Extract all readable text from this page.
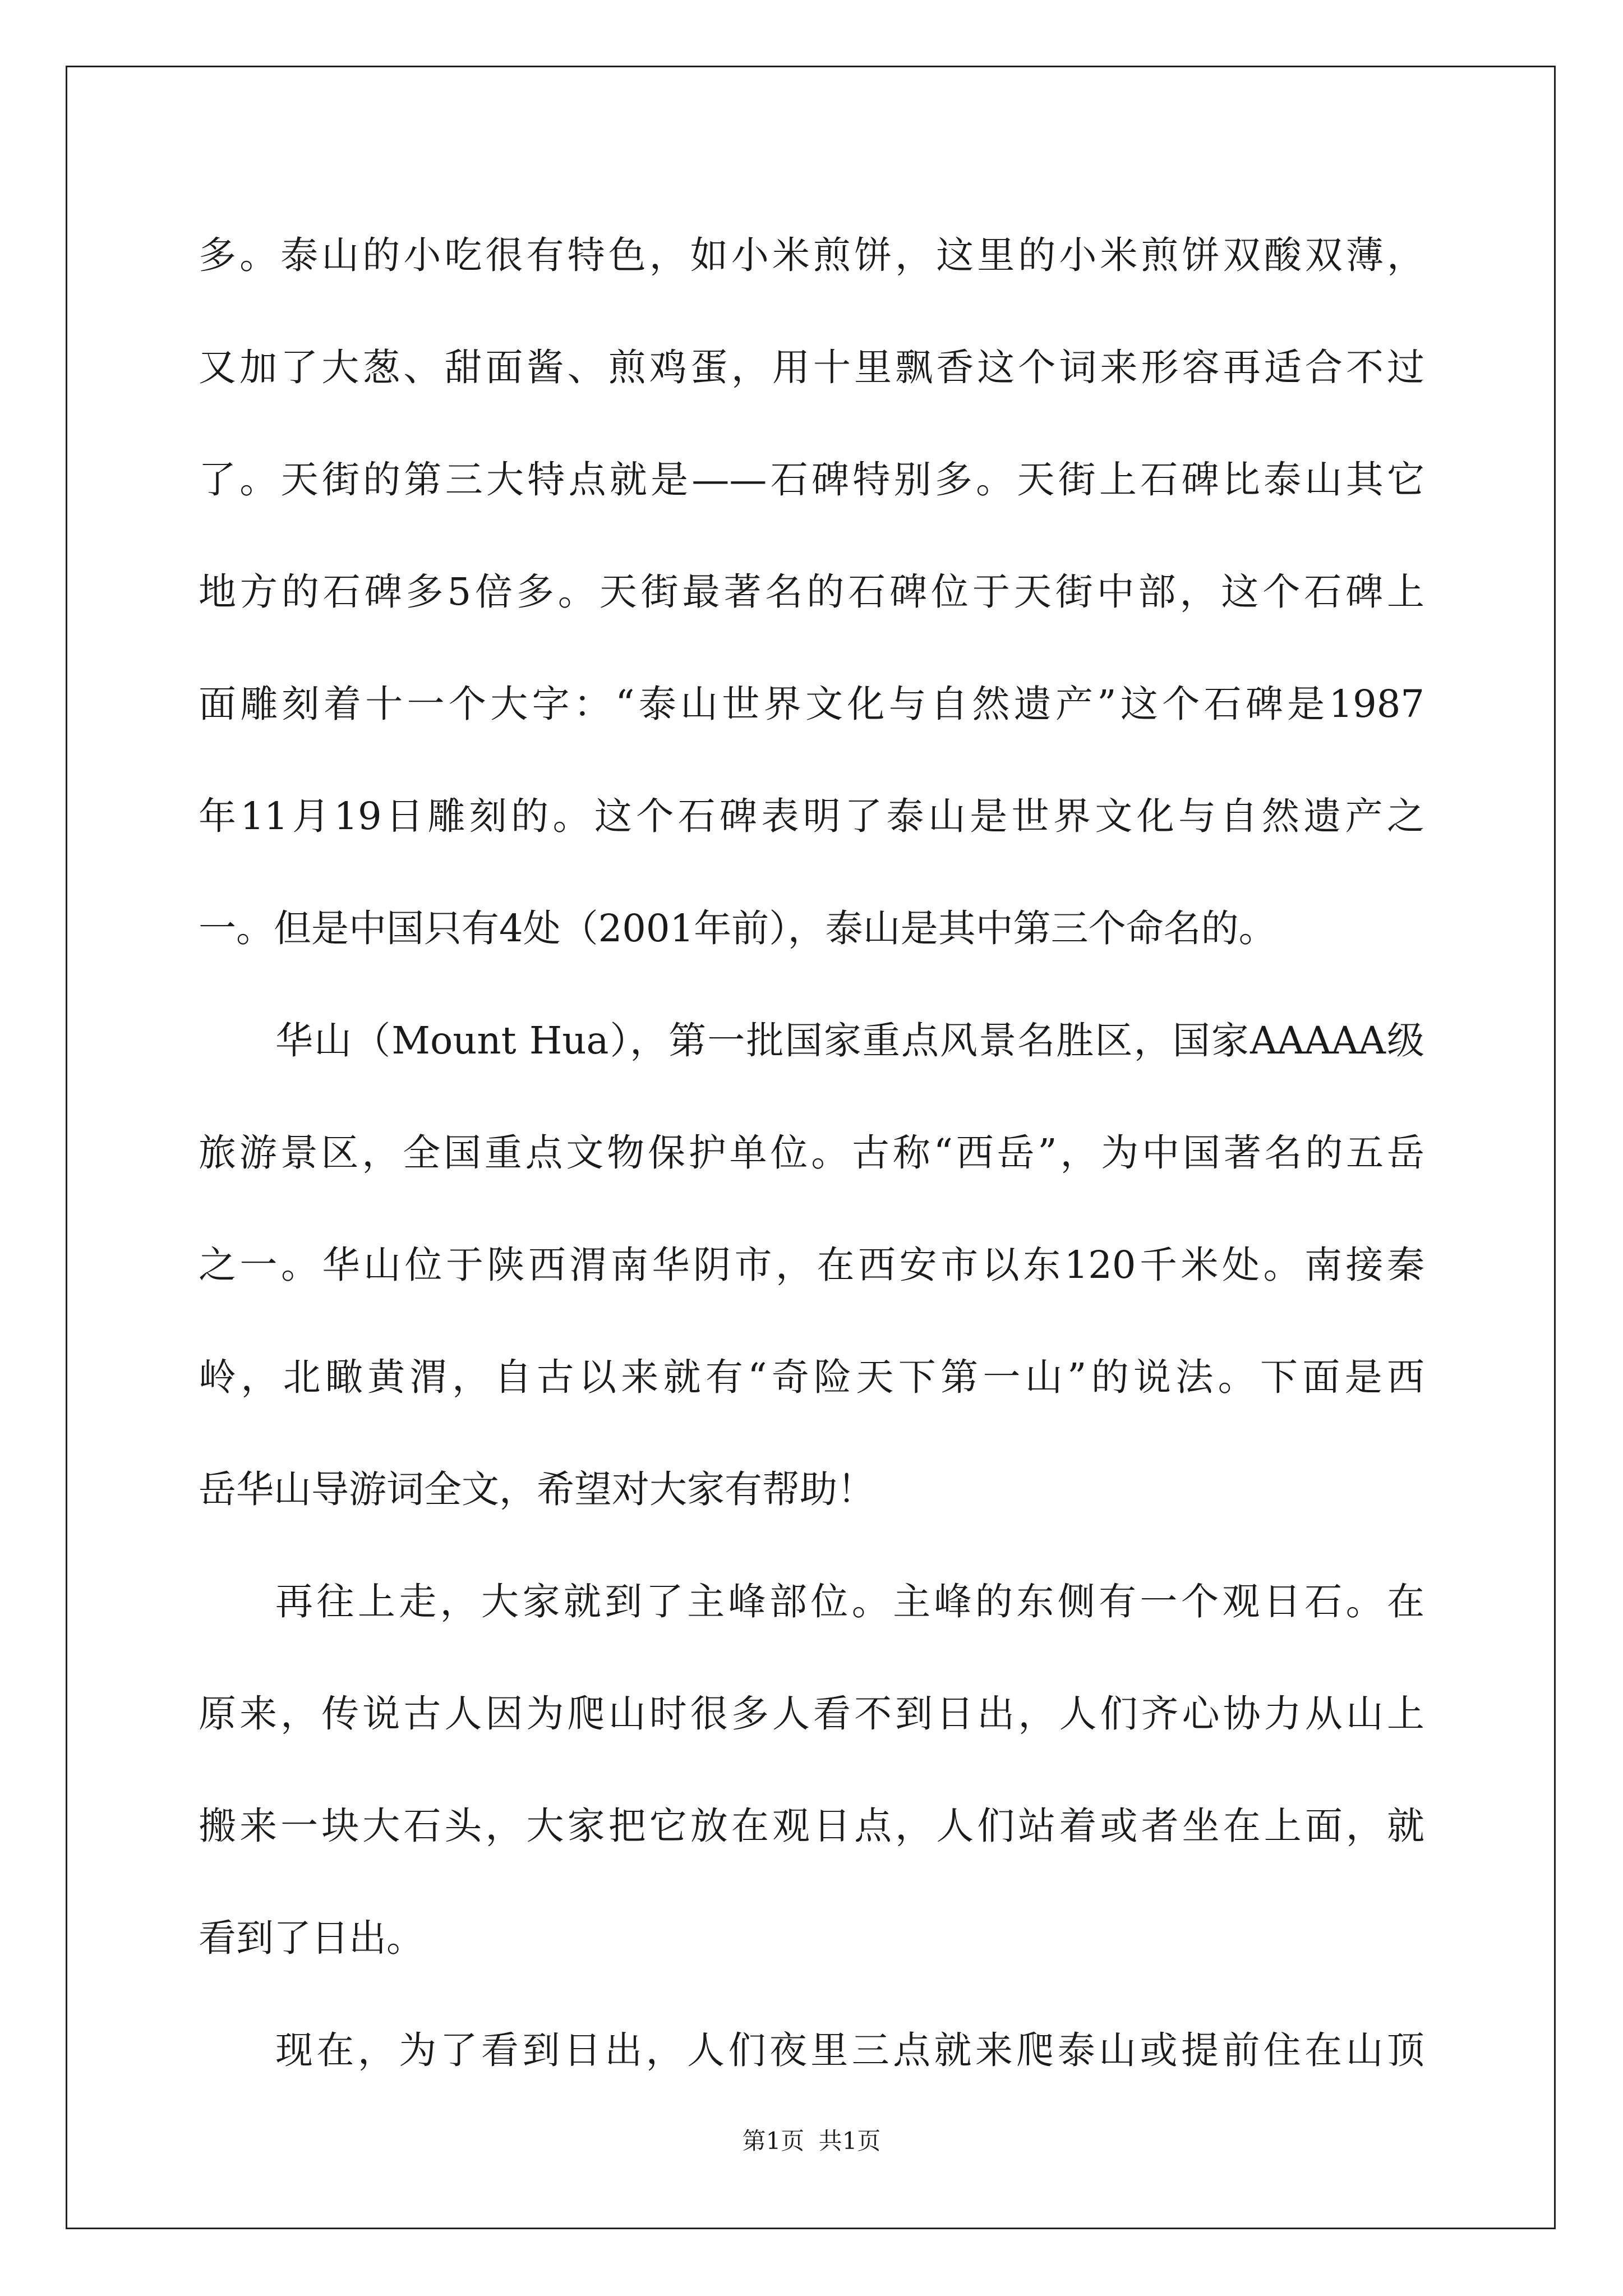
多。泰山的小吃很有特色，如小米煎饼，这里的小米煎饼双酸双薄，
又加了大葱、甜面酱、煎鸡蛋，用十里飘香这个词来形容再适合不过
了。天街的第三大特点就是——石碑特别多。天街上石碑比泰山其它
地方的石碑多5倍多。天街最著名的石碑位于天街中部，这个石碑上
面雕刻着十一个大字：“泰山世界文化与自然遗产”这个石碑是1987
年11月19日雕刻的。这个石碑表明了泰山是世界文化与自然遗产之
一。但是中国只有4处（2001年前），泰山是其中第三个命名的。
华山（Mount Hua），第一批国家重点风景名胜区，国家AAAAA级
旅游景区，全国重点文物保护单位。古称“西岳”，为中国著名的五岳
之一。华山位于陕西渭南华阴市，在西安市以东120千米处。南接秦
岭，北瞰黄渭，自古以来就有“奇险天下第一山”的说法。下面是西
岳华山导游词全文，希望对大家有帮助！
再往上走，大家就到了主峰部位。主峰的东侧有一个观日石。在
原来，传说古人因为爬山时很多人看不到日出，人们齐心协力从山上
搬来一块大石头，大家把它放在观日点，人们站着或者坐在上面，就
看到了日出。
现在，为了看到日出，人们夜里三点就来爬泰山或提前住在山顶
第1页 共1页
